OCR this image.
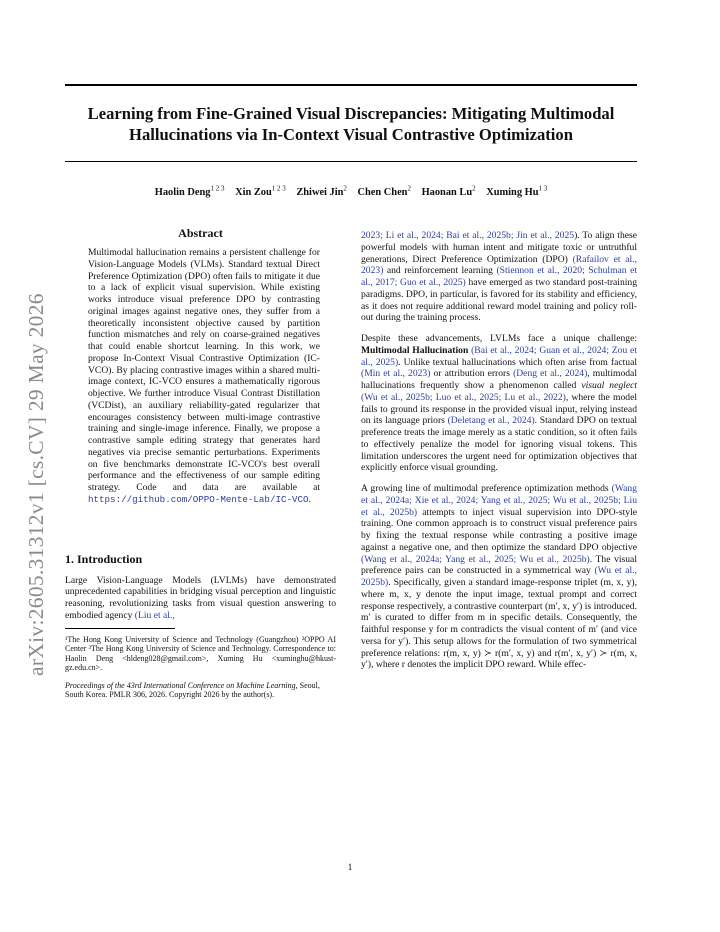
arXiv:2605.31312v1 [cs.CV] 29 May 2026
Learning from Fine-Grained Visual Discrepancies: Mitigating Multimodal
Hallucinations via In-Context Visual Contrastive Optimization
Haolin Deng$^{1 2 3}$ Xin Zou$^{1 2 3}$ Zhiwei Jin$^2$ Chen Chen$^2$ Haonan Lu$^2$ Xuming $Hu^{1 3}$
Abstract
Multimodal hallucination remains a persistent challenge for Vision-Language Models (VLMs). Standard textual Direct Preference Optimization (DPO) often fails to mitigate it due to a lack of explicit visual supervision. While existing works introduce visual preference DPO by contrasting original images against negative ones, they suffer from a theoretically inconsistent objective caused by partition function mismatches and rely on coarse-grained negatives that could enable shortcut learning. In this work, we propose In-Context Visual Contrastive Optimization (IC-VCO). By placing contrastive images within a shared multi-image context, IC-VCO ensures a mathematically rigorous objective. We further introduce Visual Contrast Distillation (VCDist), an auxiliary reliability-gated regularizer that encourages consistency between multi-image contrastive training and single-image inference. Finally, we propose a contrastive sample editing strategy that generates hard negatives via precise semantic perturbations. Experiments on five benchmarks demonstrate IC-VCO's best overall performance and the effectiveness of our sample editing strategy. Code and data are available at https://github.com/OPPO-Mente-Lab/IC-VCO.
1. Introduction
Large Vision-Language Models (LVLMs) have demonstrated unprecedented capabilities in bridging visual perception and linguistic reasoning, revolutionizing tasks from visual question answering to embodied agency (Liu et al.,
¹The Hong Kong University of Science and Technology (Guangzhou) ²OPPO AI Center ³The Hong Kong University of Science and Technology. Correspondence to: Haolin Deng <hldeng028@gmail.com>, Xuming Hu <xuminghu@hkust-gz.edu.cn>.
Proceedings of the 43rd International Conference on Machine Learning, Seoul, South Korea. PMLR 306, 2026. Copyright 2026 by the author(s).

2023; Li et al., 2024; Bai et al., 2025b; Jin et al., 2025). To align these powerful models with human intent and mitigate toxic or untruthful generations, Direct Preference Optimization (DPO) (Rafailov et al., 2023) and reinforcement learning (Stiennon et al., 2020; Schulman et al., 2017; Guo et al., 2025) have emerged as two standard post-training paradigms. DPO, in particular, is favored for its stability and efficiency, as it does not require additional reward model training and policy roll-out during the training process.

Despite these advancements, LVLMs face a unique challenge: Multimodal Hallucination (Bai et al., 2024; Guan et al., 2024; Zou et al., 2025). Unlike textual hallucinations which often arise from factual (Min et al., 2023) or attribution errors (Deng et al., 2024), multimodal hallucinations frequently show a phenomenon called visual neglect (Wu et al., 2025b; Luo et al., 2025; Lu et al., 2022), where the model fails to ground its response in the provided visual input, relying instead on its language priors (Deletang et al., 2024). Standard DPO on textual preference treats the image merely as a static condition, so it often fails to effectively penalize the model for ignoring visual tokens. This limitation underscores the urgent need for optimization objectives that explicitly enforce visual grounding.

A growing line of multimodal preference optimization methods (Wang et al., 2024a; Xie et al., 2024; Yang et al., 2025; Wu et al., 2025b; Liu et al., 2025b) attempts to inject visual supervision into DPO-style training. One common approach is to construct visual preference pairs by fixing the textual response while contrasting a positive image against a negative one, and then optimize the standard DPO objective (Wang et al., 2024a; Yang et al., 2025; Wu et al., 2025b). The visual preference pairs can be constructed in a symmetrical way (Wu et al., 2025b). Specifically, given a standard image-response triplet (m, x, y), where m, x, y denote the input image, textual prompt and correct response respectively, a contrastive counterpart (m′, x, y′) is introduced. m′ is curated to differ from m in specific details. Consequently, the faithful response y for m contradicts the visual content of m′ (and vice versa for y′). This setup allows for the formulation of two symmetrical preference relations: r(m, x, y) ≻ r(m′, x, y) and r(m′, x, y′) ≻ r(m, x, y′), where r denotes the implicit DPO reward. While effec-

1
